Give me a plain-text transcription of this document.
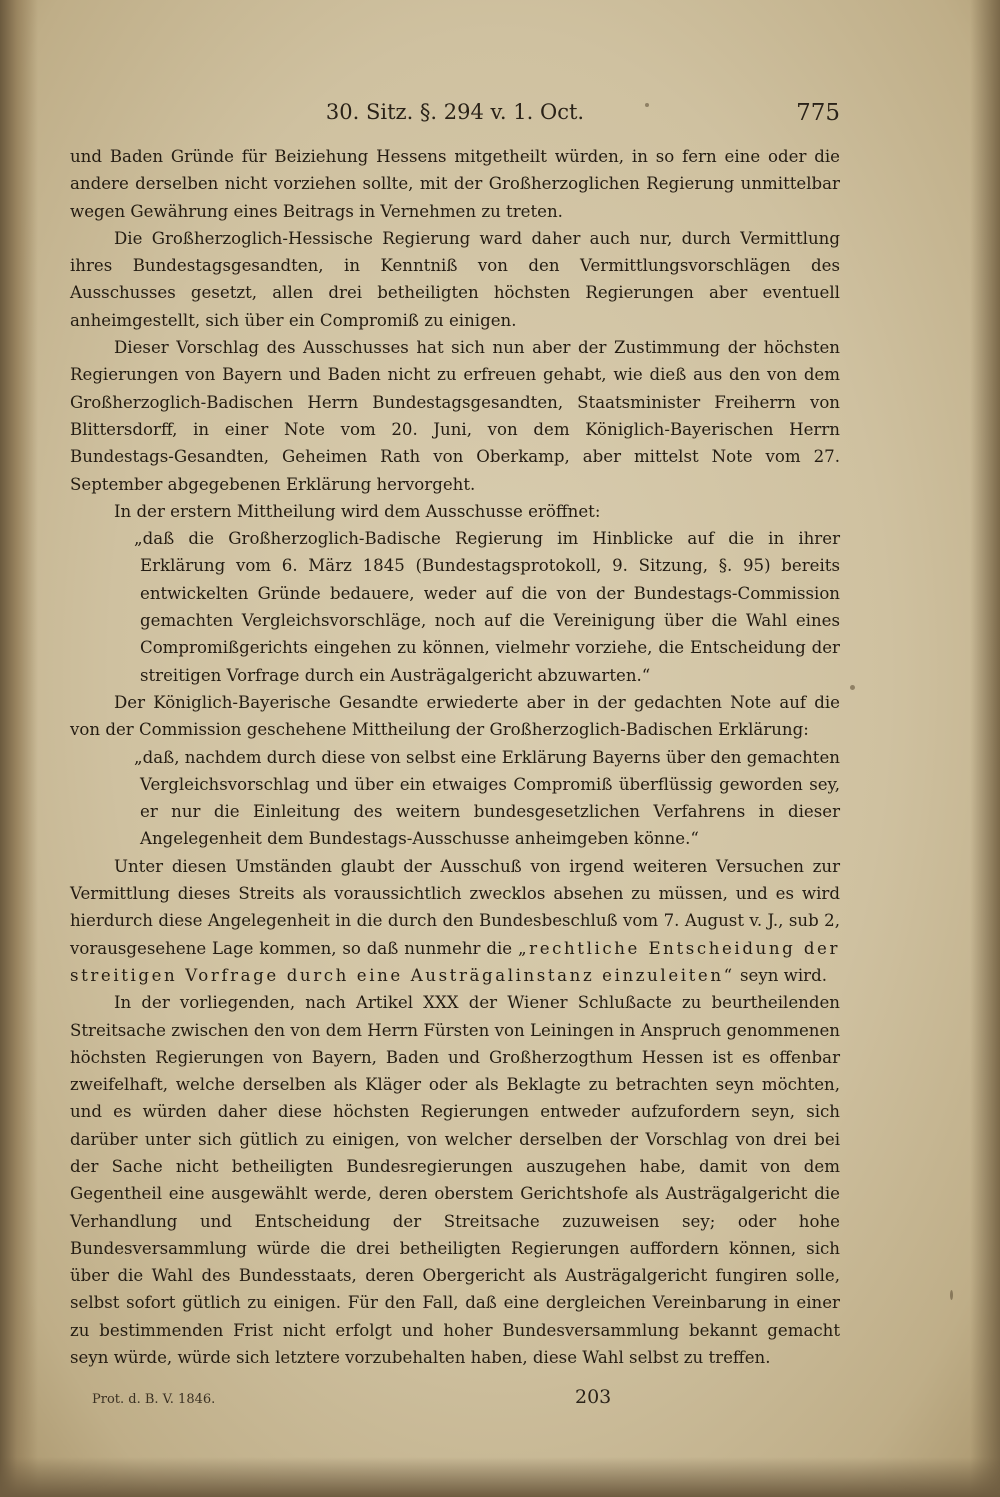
30. Sitz. §. 294 v. 1. Oct.	775

und Baden Gründe für Beiziehung Hessens mitgetheilt würden, in so fern eine oder die andere derselben nicht vorziehen sollte, mit der Großherzoglichen Regierung unmittelbar wegen Gewährung eines Beitrags in Vernehmen zu treten.

Die Großherzoglich-Hessische Regierung ward daher auch nur, durch Vermittlung ihres Bundestagsgesandten, in Kenntniß von den Vermittlungsvorschlägen des Ausschusses gesetzt, allen drei betheiligten höchsten Regierungen aber eventuell anheimgestellt, sich über ein Compromiß zu einigen.

Dieser Vorschlag des Ausschusses hat sich nun aber der Zustimmung der höchsten Regierungen von Bayern und Baden nicht zu erfreuen gehabt, wie dieß aus den von dem Großherzoglich-Badischen Herrn Bundestagsgesandten, Staatsminister Freiherrn von Blittersdorff, in einer Note vom 20. Juni, von dem Königlich-Bayerischen Herrn Bundestags-Gesandten, Geheimen Rath von Oberkamp, aber mittelst Note vom 27. September abgegebenen Erklärung hervorgeht.

In der erstern Mittheilung wird dem Ausschusse eröffnet:

„daß die Großherzoglich-Badische Regierung im Hinblicke auf die in ihrer Erklärung vom 6. März 1845 (Bundestagsprotokoll, 9. Sitzung, §. 95) bereits entwickelten Gründe bedauere, weder auf die von der Bundestags-Commission gemachten Vergleichsvorschläge, noch auf die Vereinigung über die Wahl eines Compromißgerichts eingehen zu können, vielmehr vorziehe, die Entscheidung der streitigen Vorfrage durch ein Austrägalgericht abzuwarten.“

Der Königlich-Bayerische Gesandte erwiederte aber in der gedachten Note auf die von der Commission geschehene Mittheilung der Großherzoglich-Badischen Erklärung:

„daß, nachdem durch diese von selbst eine Erklärung Bayerns über den gemachten Vergleichsvorschlag und über ein etwaiges Compromiß überflüssig geworden sey, er nur die Einleitung des weitern bundesgesetzlichen Verfahrens in dieser Angelegenheit dem Bundestags-Ausschusse anheimgeben könne.“

Unter diesen Umständen glaubt der Ausschuß von irgend weiteren Versuchen zur Vermittlung dieses Streits als voraussichtlich zwecklos absehen zu müssen, und es wird hierdurch diese Angelegenheit in die durch den Bundesbeschluß vom 7. August v. J., sub 2, vorausgesehene Lage kommen, so daß nunmehr die „rechtliche Entscheidung der streitigen Vorfrage durch eine Austrägalinstanz einzuleiten“ seyn wird.

In der vorliegenden, nach Artikel XXX der Wiener Schlußacte zu beurtheilenden Streitsache zwischen den von dem Herrn Fürsten von Leiningen in Anspruch genommenen höchsten Regierungen von Bayern, Baden und Großherzogthum Hessen ist es offenbar zweifelhaft, welche derselben als Kläger oder als Beklagte zu betrachten seyn möchten, und es würden daher diese höchsten Regierungen entweder aufzufordern seyn, sich darüber unter sich gütlich zu einigen, von welcher derselben der Vorschlag von drei bei der Sache nicht betheiligten Bundesregierungen auszugehen habe, damit von dem Gegentheil eine ausgewählt werde, deren oberstem Gerichtshofe als Austrägalgericht die Verhandlung und Entscheidung der Streitsache zuzuweisen sey; oder hohe Bundesversammlung würde die drei betheiligten Regierungen auffordern können, sich über die Wahl des Bundesstaats, deren Obergericht als Austrägalgericht fungiren solle, selbst sofort gütlich zu einigen. Für den Fall, daß eine dergleichen Vereinbarung in einer zu bestimmenden Frist nicht erfolgt und hoher Bundesversammlung bekannt gemacht seyn würde, würde sich letztere vorzubehalten haben, diese Wahl selbst zu treffen.

Prot. d. B. V. 1846.	203
